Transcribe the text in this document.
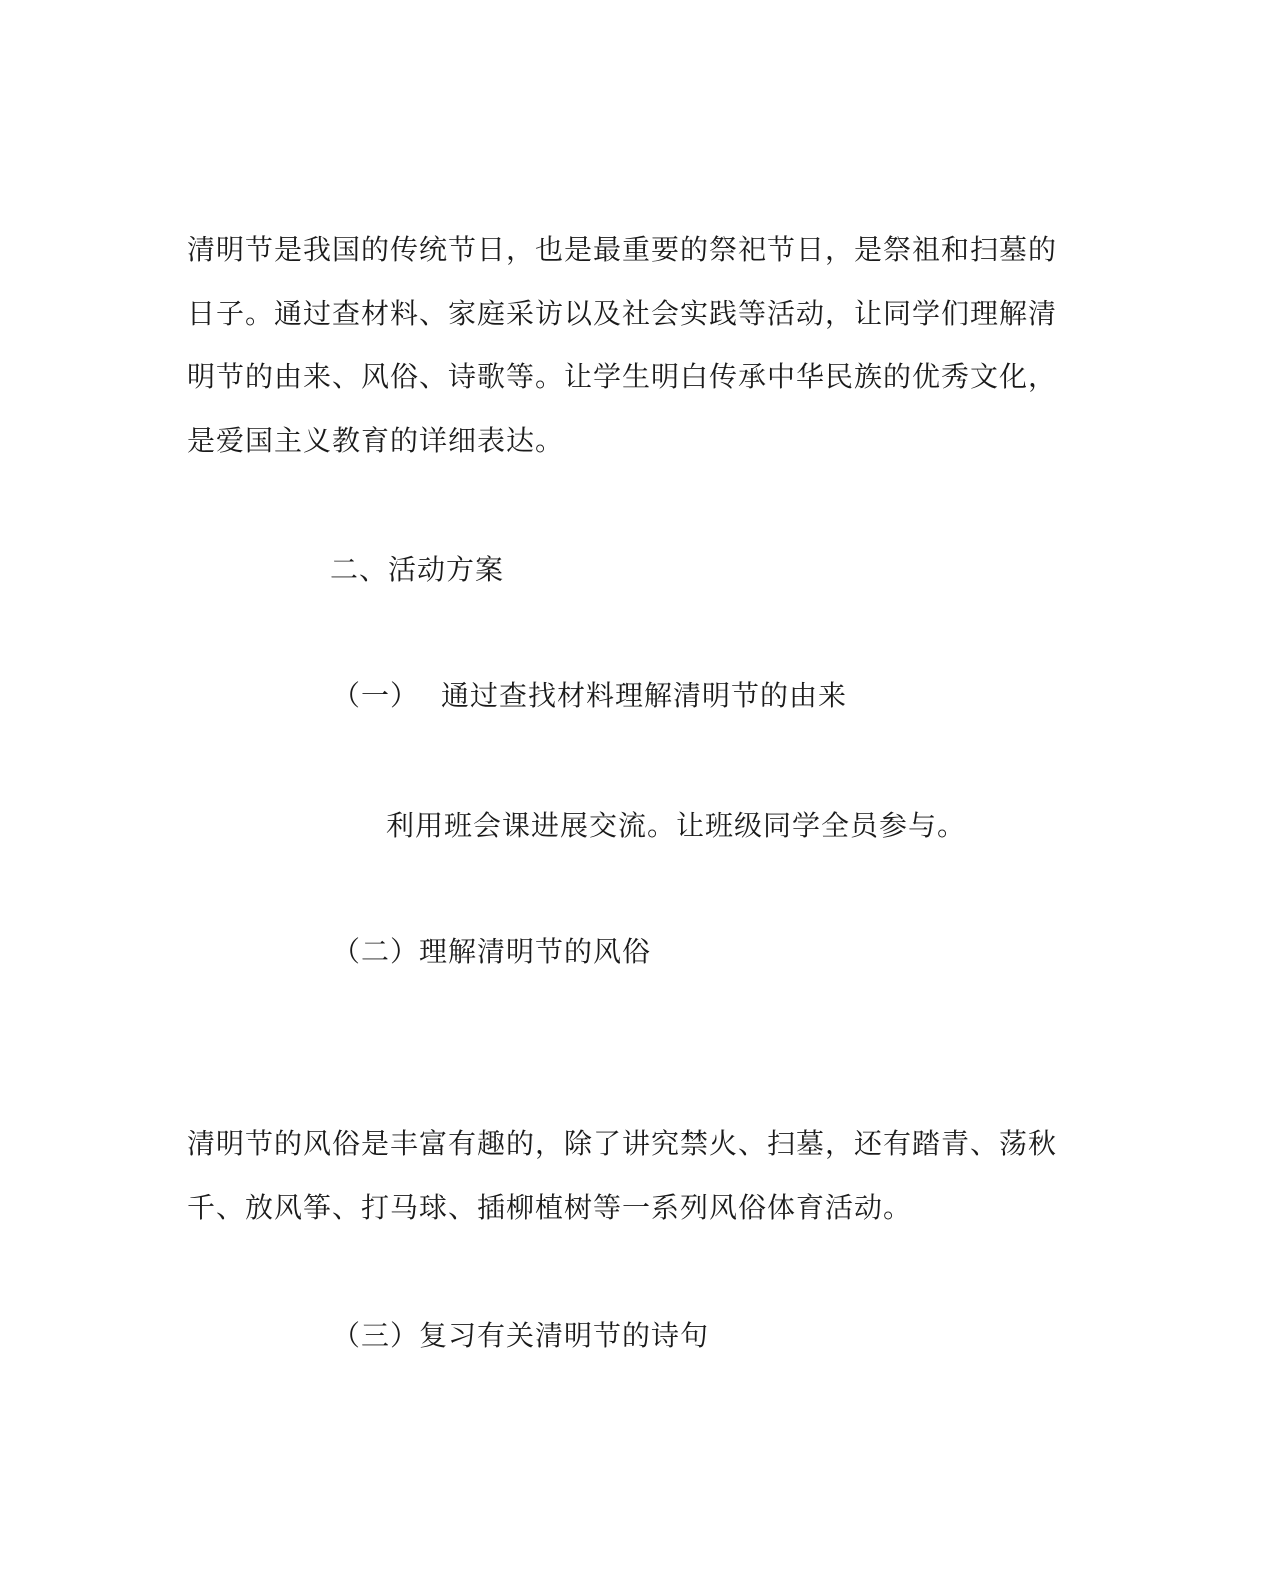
清明节是我国的传统节日，也是最重要的祭祀节日，是祭祖和扫墓的
日子。通过查材料、家庭采访以及社会实践等活动，让同学们理解清
明节的由来、风俗、诗歌等。让学生明白传承中华民族的优秀文化，
是爱国主义教育的详细表达。
二、活动方案
（一） 通过查找材料理解清明节的由来
利用班会课进展交流。让班级同学全员参与。
（二）理解清明节的风俗
清明节的风俗是丰富有趣的，除了讲究禁火、扫墓，还有踏青、荡秋
千、放风筝、打马球、插柳植树等一系列风俗体育活动。
（三）复习有关清明节的诗句
